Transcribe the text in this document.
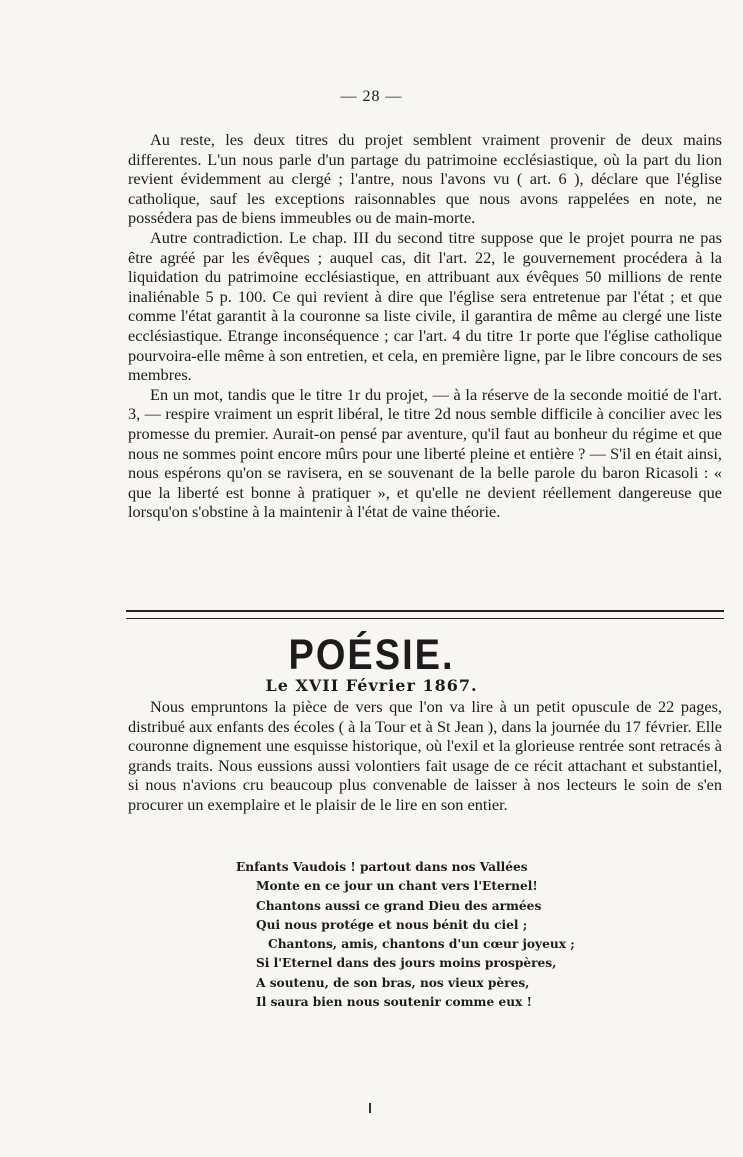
— 28 —

Au reste, les deux titres du projet semblent vraiment provenir de deux mains differentes. L'un nous parle d'un partage du patrimoine ecclésiastique, où la part du lion revient évidemment au clergé ; l'antre, nous l'avons vu ( art. 6 ), déclare que l'église catholique, sauf les exceptions raisonnables que nous avons rappelées en note, ne possédera pas de biens immeubles ou de main-morte.

Autre contradiction. Le chap. III du second titre suppose que le projet pourra ne pas être agréé par les évêques ; auquel cas, dit l'art. 22, le gouvernement procédera à la liquidation du patrimoine ecclésiastique, en attribuant aux évêques 50 millions de rente inaliénable 5 p. 100. Ce qui revient à dire que l'église sera entretenue par l'état ; et que comme l'état garantit à la couronne sa liste civile, il garantira de même au clergé une liste ecclésiastique. Etrange inconséquence ; car l'art. 4 du titre 1r porte que l'église catholique pourvoira-elle même à son entretien, et cela, en première ligne, par le libre concours de ses membres.

En un mot, tandis que le titre 1r du projet, — à la réserve de la seconde moitié de l'art. 3, — respire vraiment un esprit libéral, le titre 2d nous semble difficile à concilier avec les promesse du premier. Aurait-on pensé par aventure, qu'il faut au bonheur du régime et que nous ne sommes point encore mûrs pour une liberté pleine et entière ? — S'il en était ainsi, nous espérons qu'on se ravisera, en se souvenant de la belle parole du baron Ricasoli : « que la liberté est bonne à pratiquer », et qu'elle ne devient réellement dangereuse que lorsqu'on s'obstine à la maintenir à l'état de vaine théorie.

POÉSIE.
Le XVII Février 1867.

Nous empruntons la pièce de vers que l'on va lire à un petit opuscule de 22 pages, distribué aux enfants des écoles ( à la Tour et à St Jean ), dans la journée du 17 février. Elle couronne dignement une esquisse historique, où l'exil et la glorieuse rentrée sont retracés à grands traits. Nous eussions aussi volontiers fait usage de ce récit attachant et substantiel, si nous n'avions cru beaucoup plus convenable de laisser à nos lecteurs le soin de s'en procurer un exemplaire et le plaisir de le lire en son entier.

Enfants Vaudois ! partout dans nos Vallées
Monte en ce jour un chant vers l'Eternel!
Chantons aussi ce grand Dieu des armées
Qui nous protége et nous bénit du ciel ;
Chantons, amis, chantons d'un cœur joyeux ;
Si l'Eternel dans des jours moins prospères,
A soutenu, de son bras, nos vieux pères,
Il saura bien nous soutenir comme eux !
